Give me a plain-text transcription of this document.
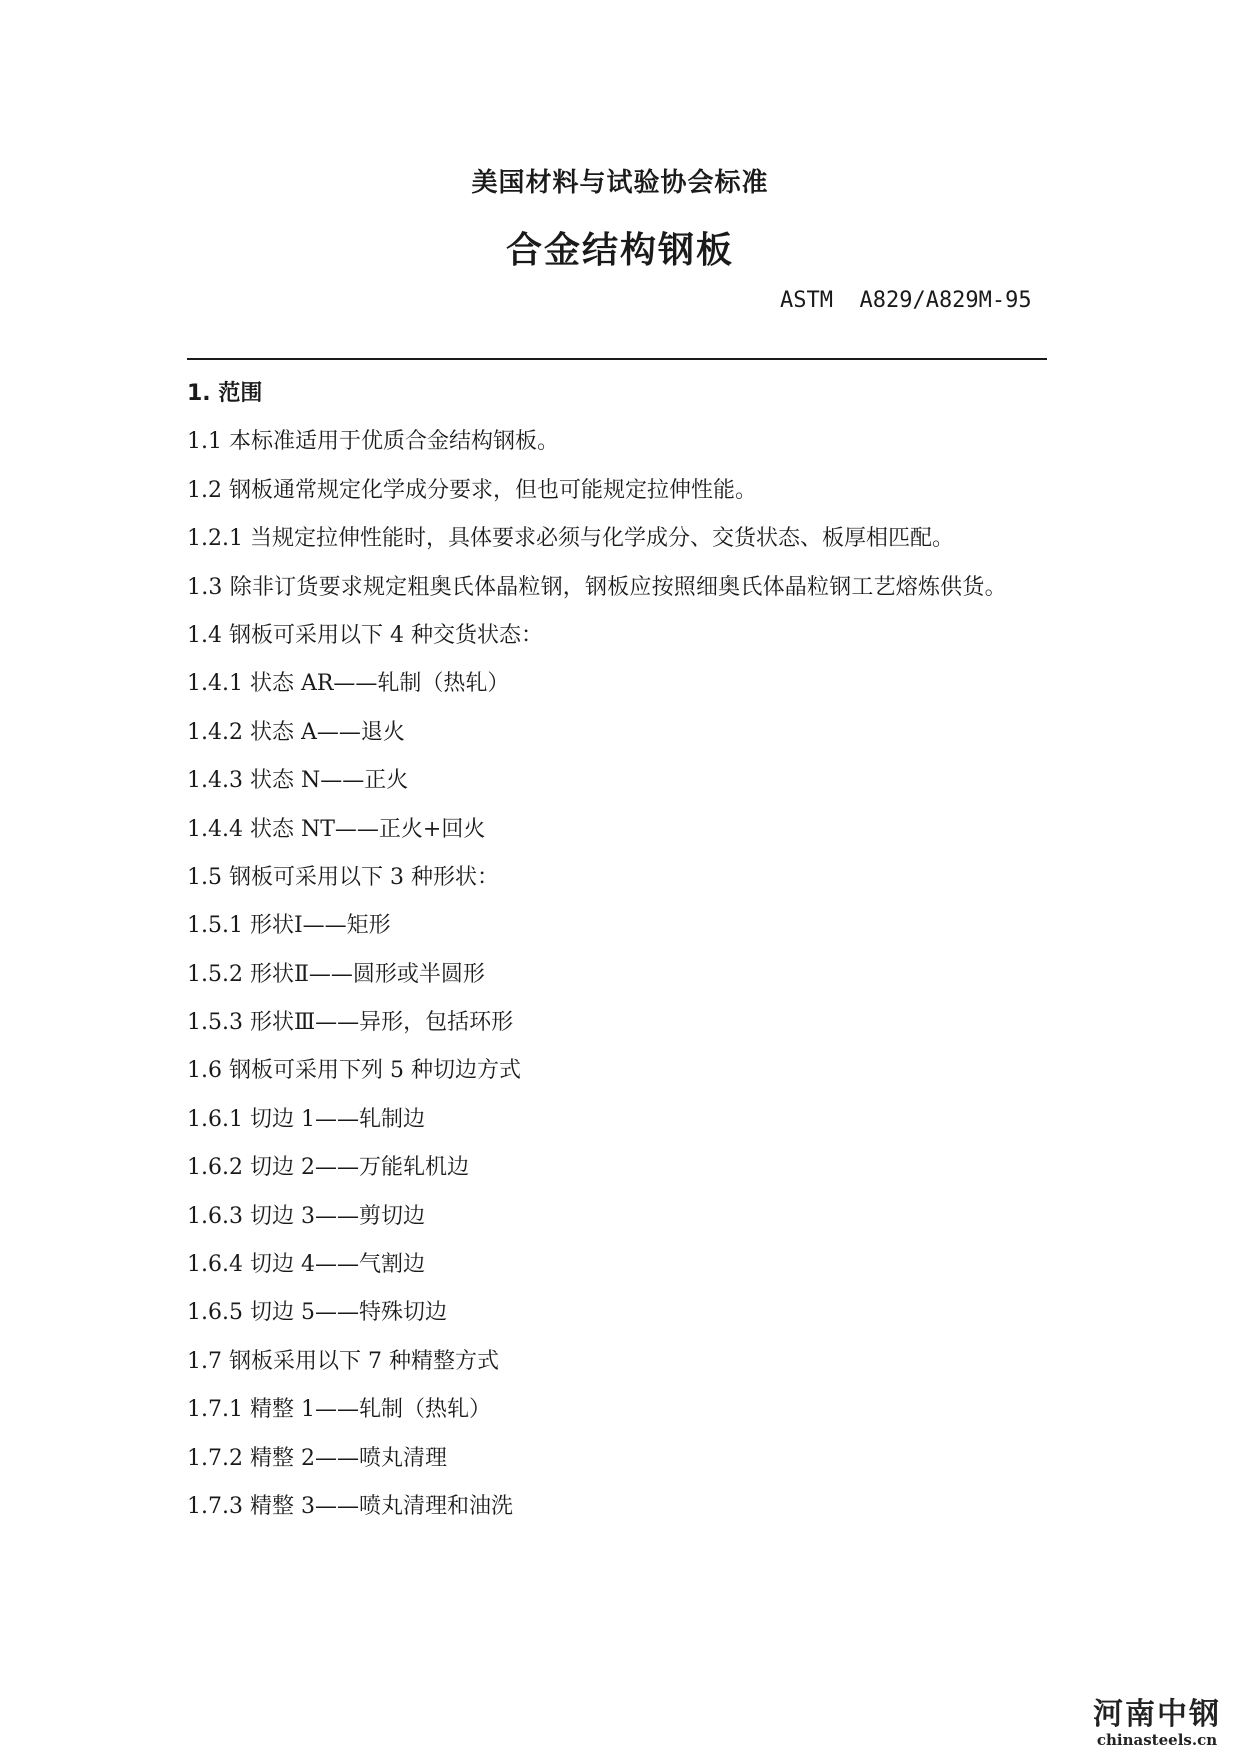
美国材料与试验协会标准
合金结构钢板
ASTM  A829/A829M-95
1. 范围
1.1 本标准适用于优质合金结构钢板。
1.2 钢板通常规定化学成分要求，但也可能规定拉伸性能。
1.2.1 当规定拉伸性能时，具体要求必须与化学成分、交货状态、板厚相匹配。
1.3 除非订货要求规定粗奥氏体晶粒钢，钢板应按照细奥氏体晶粒钢工艺熔炼供货。
1.4 钢板可采用以下 4 种交货状态：
1.4.1 状态 AR——轧制（热轧）
1.4.2 状态 A——退火
1.4.3 状态 N——正火
1.4.4 状态 NT——正火+回火
1.5 钢板可采用以下 3 种形状：
1.5.1 形状Ⅰ——矩形
1.5.2 形状Ⅱ——圆形或半圆形
1.5.3 形状Ⅲ——异形，包括环形
1.6 钢板可采用下列 5 种切边方式
1.6.1 切边 1——轧制边
1.6.2 切边 2——万能轧机边
1.6.3 切边 3——剪切边
1.6.4 切边 4——气割边
1.6.5 切边 5——特殊切边
1.7 钢板采用以下 7 种精整方式
1.7.1 精整 1——轧制（热轧）
1.7.2 精整 2——喷丸清理
1.7.3 精整 3——喷丸清理和油洗
河南中钢
chinasteels.cn
